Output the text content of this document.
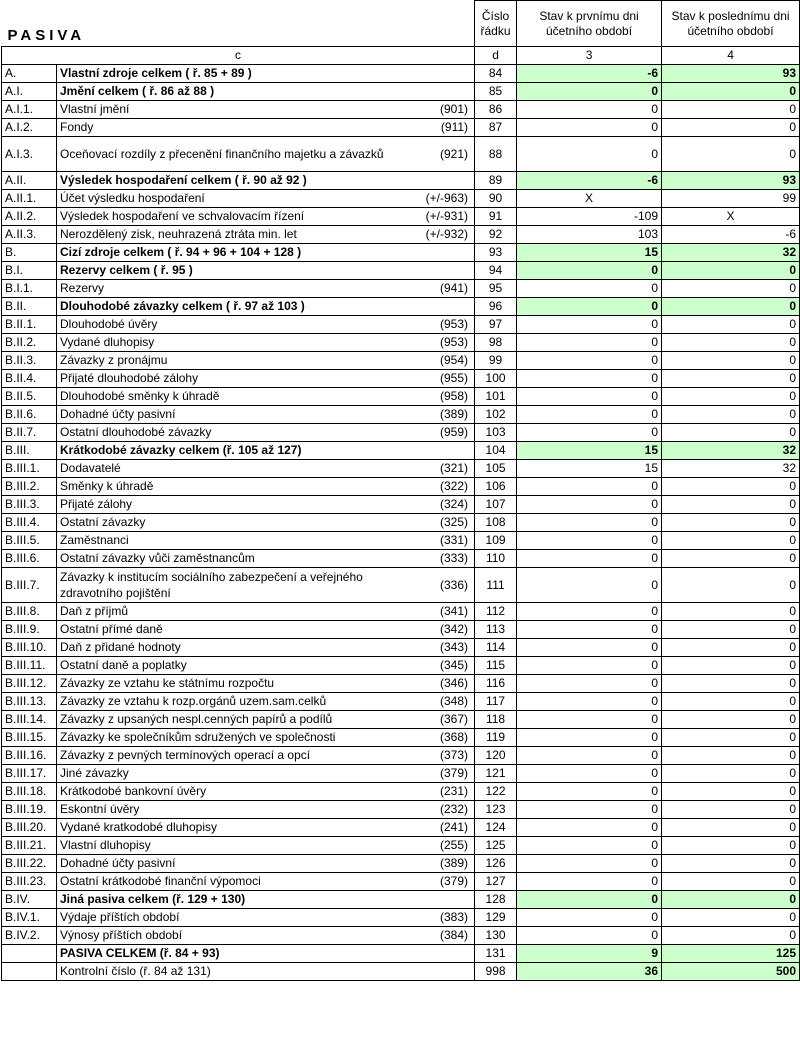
PASIVA			Číslo řádku	Stav k prvnímu dni účetního období	Stav k poslednímu dni účetního období
c			d	3	4
A.	Vlastní zdroje celkem ( ř. 85 + 89 )		84	-6	93
A.I.	Jmění celkem ( ř. 86 až 88 )		85	0	0
A.I.1.	Vlastní jmění	(901)	86	0	0
A.I.2.	Fondy	(911)	87	0	0
A.I.3.	Oceňovací rozdíly z přecenění finančního majetku a závazků	(921)	88	0	0
A.II.	Výsledek hospodaření celkem ( ř. 90 až 92 )		89	-6	93
A.II.1.	Účet výsledku hospodaření	(+/-963)	90	X	99
A.II.2.	Výsledek hospodaření ve schvalovacím řízení	(+/-931)	91	-109	X
A.II.3.	Nerozdělený zisk, neuhrazená ztráta min. let	(+/-932)	92	103	-6
B.	Cizí zdroje celkem ( ř. 94 + 96 + 104 + 128 )		93	15	32
B.I.	Rezervy celkem ( ř. 95 )		94	0	0
B.I.1.	Rezervy	(941)	95	0	0
B.II.	Dlouhodobé závazky celkem ( ř. 97 až 103 )		96	0	0
B.II.1.	Dlouhodobé úvěry	(953)	97	0	0
B.II.2.	Vydané dluhopisy	(953)	98	0	0
B.II.3.	Závazky z pronájmu	(954)	99	0	0
B.II.4.	Přijaté dlouhodobé zálohy	(955)	100	0	0
B.II.5.	Dlouhodobé směnky k úhradě	(958)	101	0	0
B.II.6.	Dohadné účty pasivní	(389)	102	0	0
B.II.7.	Ostatní dlouhodobé závazky	(959)	103	0	0
B.III.	Krátkodobé závazky celkem (ř. 105 až 127)		104	15	32
B.III.1.	Dodavatelé	(321)	105	15	32
B.III.2.	Směnky k úhradě	(322)	106	0	0
B.III.3.	Přijaté zálohy	(324)	107	0	0
B.III.4.	Ostatní závazky	(325)	108	0	0
B.III.5.	Zaměstnanci	(331)	109	0	0
B.III.6.	Ostatní závazky vůči zaměstnancům	(333)	110	0	0
B.III.7.	Závazky k institucím sociálního zabezpečení a veřejného zdravotního pojištění	(336)	111	0	0
B.III.8.	Daň z příjmů	(341)	112	0	0
B.III.9.	Ostatní přímé daně	(342)	113	0	0
B.III.10.	Daň z přidané hodnoty	(343)	114	0	0
B.III.11.	Ostatní daně a poplatky	(345)	115	0	0
B.III.12.	Závazky ze vztahu ke státnímu rozpočtu	(346)	116	0	0
B.III.13.	Závazky ze vztahu k rozp.orgánů uzem.sam.celků	(348)	117	0	0
B.III.14.	Závazky z upsaných nespl.cenných papírů a podílů	(367)	118	0	0
B.III.15.	Závazky ke společníkům sdružených ve společnosti	(368)	119	0	0
B.III.16.	Závazky z pevných termínových operací a opcí	(373)	120	0	0
B.III.17.	Jiné závazky	(379)	121	0	0
B.III.18.	Krátkodobé bankovní úvěry	(231)	122	0	0
B.III.19.	Eskontní úvěry	(232)	123	0	0
B.III.20.	Vydané kratkodobé dluhopisy	(241)	124	0	0
B.III.21.	Vlastní dluhopisy	(255)	125	0	0
B.III.22.	Dohadné účty pasivní	(389)	126	0	0
B.III.23.	Ostatní krátkodobé finanční výpomoci	(379)	127	0	0
B.IV.	Jiná pasiva celkem (ř. 129 + 130)		128	0	0
B.IV.1.	Výdaje příštích období	(383)	129	0	0
B.IV.2.	Výnosy příštích období	(384)	130	0	0
	PASIVA CELKEM (ř. 84 + 93)		131	9	125
	Kontrolní číslo (ř. 84 až 131)		998	36	500
